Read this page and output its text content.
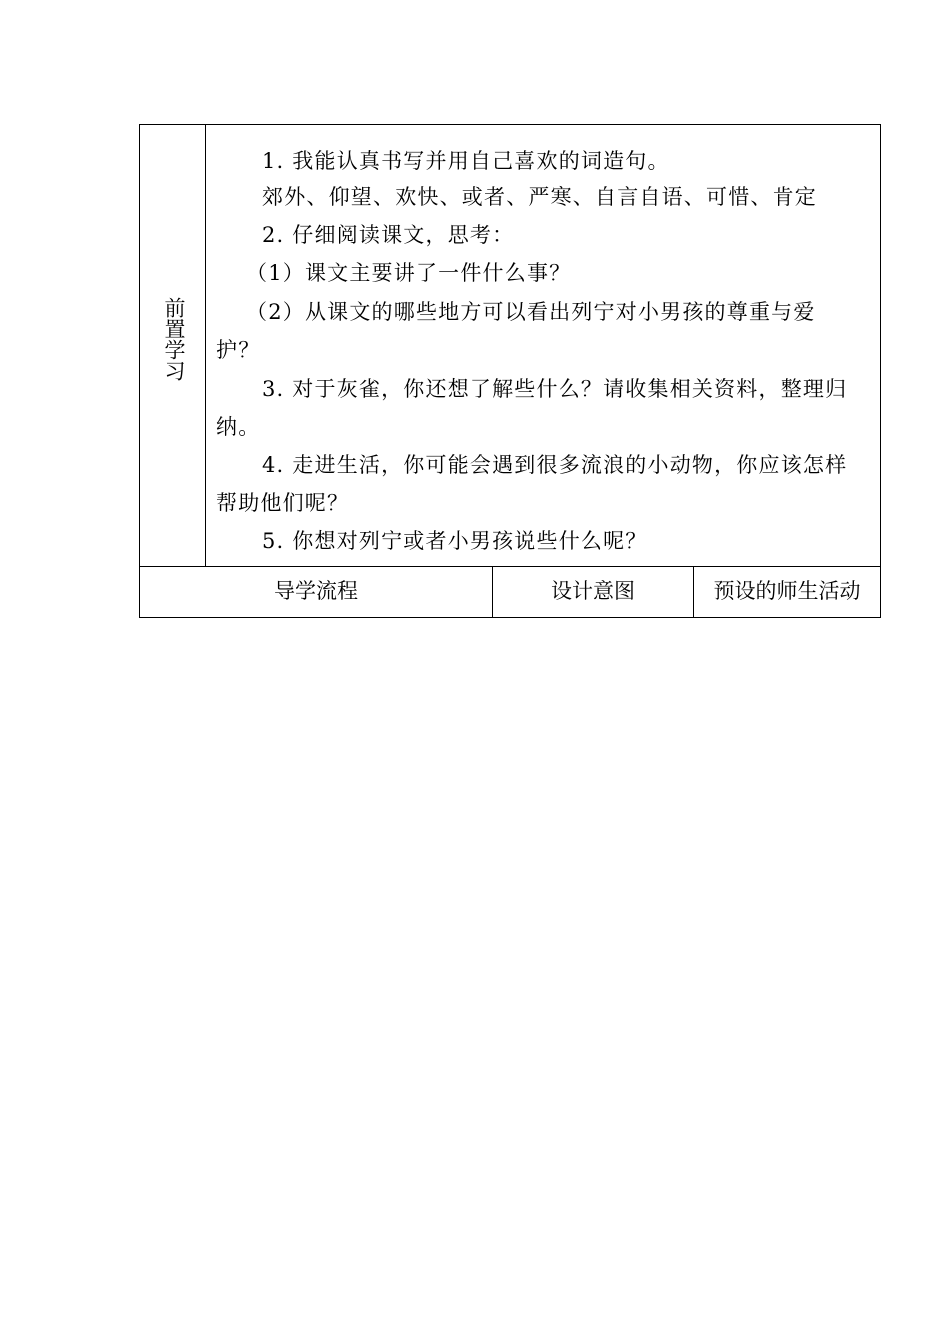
前置学习
1. 我能认真书写并用自己喜欢的词造句。
郊外、仰望、欢快、或者、严寒、自言自语、可惜、肯定
2. 仔细阅读课文，思考：
（1）课文主要讲了一件什么事？
（2）从课文的哪些地方可以看出列宁对小男孩的尊重与爱
护？
3. 对于灰雀，你还想了解些什么？请收集相关资料，整理归
纳。
4. 走进生活，你可能会遇到很多流浪的小动物，你应该怎样
帮助他们呢？
5. 你想对列宁或者小男孩说些什么呢？
导学流程	设计意图	预设的师生活动
